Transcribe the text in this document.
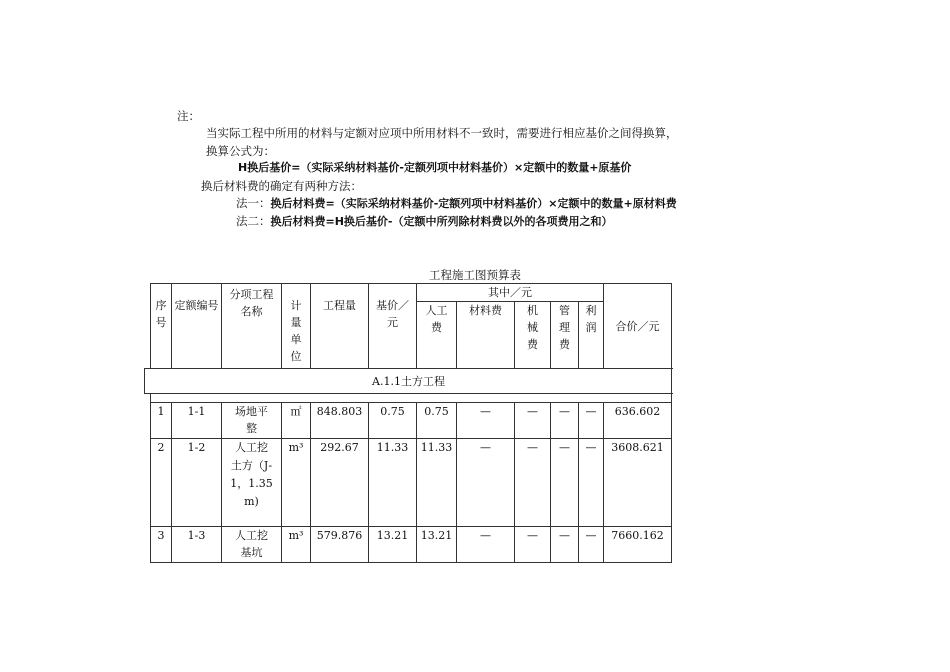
注：
当实际工程中所用的材料与定额对应项中所用材料不一致时，需要进行相应基价之间得换算，
换算公式为：
H换后基价=（实际采纳材料基价-定额列项中材料基价）×定额中的数量+原基价
换后材料费的确定有两种方法：
法一：换后材料费=（实际采纳材料基价-定额列项中材料基价）×定额中的数量+原材料费
法二：换后材料费=H换后基价-（定额中所列除材料费以外的各项费用之和）
工程施工图预算表
序号	定额编号	分项工程名称	计量单位	工程量	基价／元	其中／元					合价／元
						人工费	材料费	机械费	管理费	利润	

A.1.1土方工程											

1	1-1	场地平整	㎡	848.803	0.75	0.75	—	—	—	—	636.602
2	1-2	人工挖土方（J-1，1.35m)	m³	292.67	11.33	11.33	—	—	—	—	3608.621
3	1-3	人工挖基坑	m³	579.876	13.21	13.21	—	—	—	—	7660.162
